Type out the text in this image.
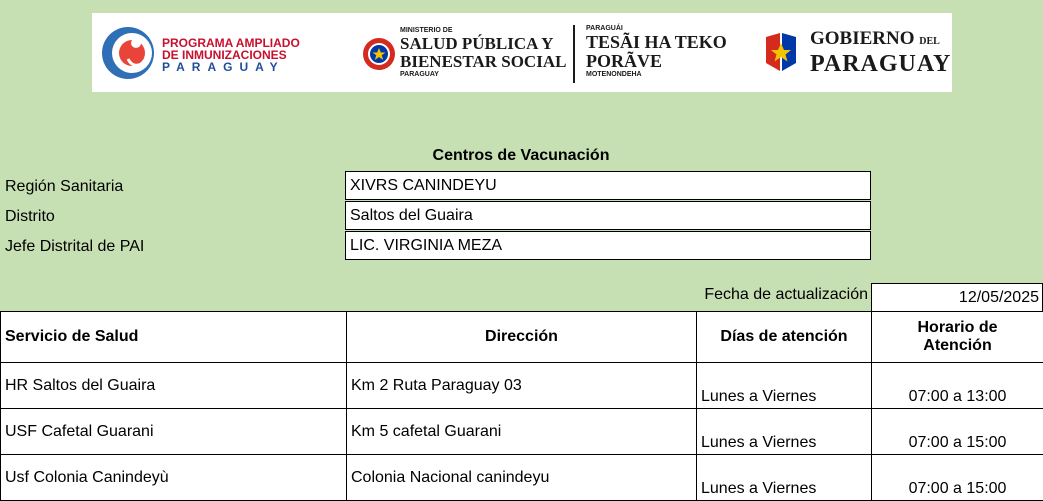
PROGRAMA AMPLIADO
DE INMUNIZACIONES
PARAGUAY
MINISTERIO DE
SALUD PÚBLICA Y
BIENESTAR SOCIAL
PARAGUAY
PARAGUÁI
TESÃI HA TEKO
PORÃVE
MOTENONDEHA
GOBIERNO DEL
PARAGUAY
Centros de Vacunación
Región Sanitaria	XIVRS CANINDEYU
Distrito	Saltos del Guaira
Jefe Distrital de PAI	LIC. VIRGINIA MEZA
Fecha de actualización	12/05/2025
Servicio de Salud	Dirección	Días de atención	Horario de
Atención

HR Saltos del Guaira	Km 2 Ruta Paraguay 03	Lunes a Viernes	07:00 a 13:00
USF Cafetal Guarani	Km 5 cafetal Guarani	Lunes a Viernes	07:00 a 15:00
Usf Colonia Canindeyù	Colonia Nacional canindeyu	Lunes a Viernes	07:00 a 15:00
